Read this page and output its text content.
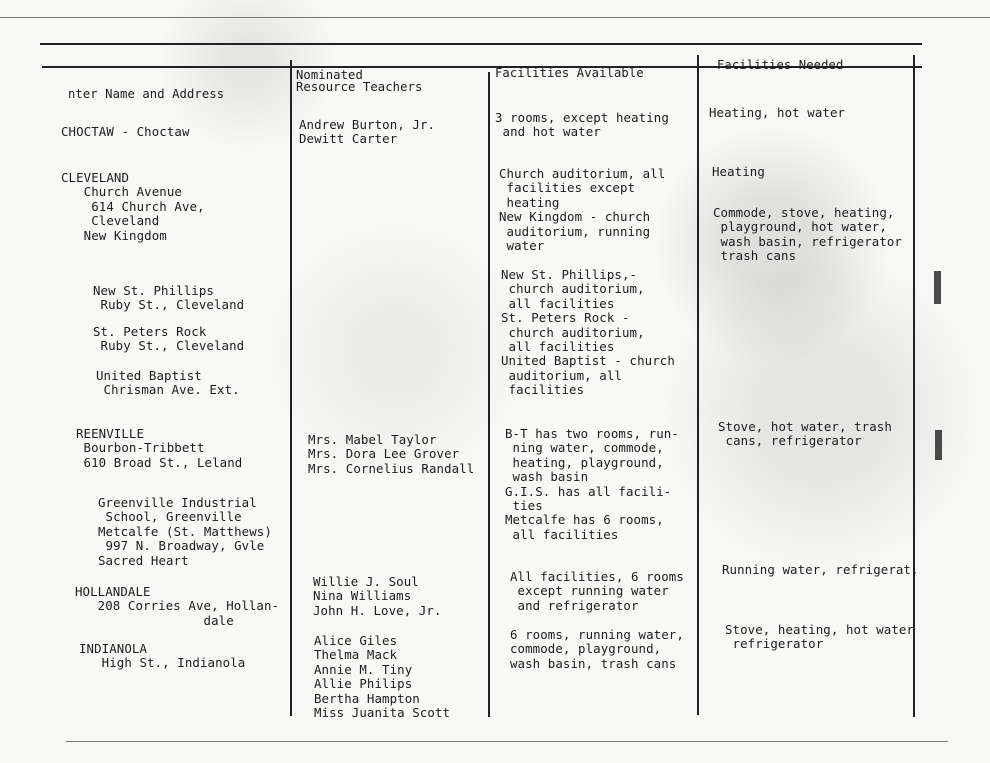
nter Name and Address
Nominated
Resource Teachers
Facilities Available
Facilities Needed
CHOCTAW - Choctaw
CLEVELAND
Church Avenue
614 Church Ave,
Cleveland
New Kingdom
New St. Phillips
Ruby St., Cleveland
St. Peters Rock
Ruby St., Cleveland
United Baptist
Chrisman Ave. Ext.
REENVILLE
Bourbon-Tribbett
610 Broad St., Leland
Greenville Industrial
School, Greenville
Metcalfe (St. Matthews)
997 N. Broadway, Gvle
Sacred Heart
HOLLANDALE
208 Corries Ave, Hollan-
dale
INDIANOLA
High St., Indianola
Andrew Burton, Jr.
Dewitt Carter
Mrs. Mabel Taylor
Mrs. Dora Lee Grover
Mrs. Cornelius Randall
Willie J. Soul
Nina Williams
John H. Love, Jr.
Alice Giles
Thelma Mack
Annie M. Tiny
Allie Philips
Bertha Hampton
Miss Juanita Scott
3 rooms, except heating
and hot water
Church auditorium, all
facilities except
heating
New Kingdom - church
auditorium, running
water
New St. Phillips,-
church auditorium,
all facilities
St. Peters Rock -
church auditorium,
all facilities
United Baptist - church
auditorium, all
facilities
B-T has two rooms, run-
ning water, commode,
heating, playground,
wash basin
G.I.S. has all facili-
ties
Metcalfe has 6 rooms,
all facilities
All facilities, 6 rooms
except running water
and refrigerator
6 rooms, running water,
commode, playground,
wash basin, trash cans
Heating, hot water
Heating
Commode, stove, heating,
playground, hot water,
wash basin, refrigerator
trash cans
Stove, hot water, trash
cans, refrigerator
Running water, refrigerat.
Stove, heating, hot water
refrigerator
